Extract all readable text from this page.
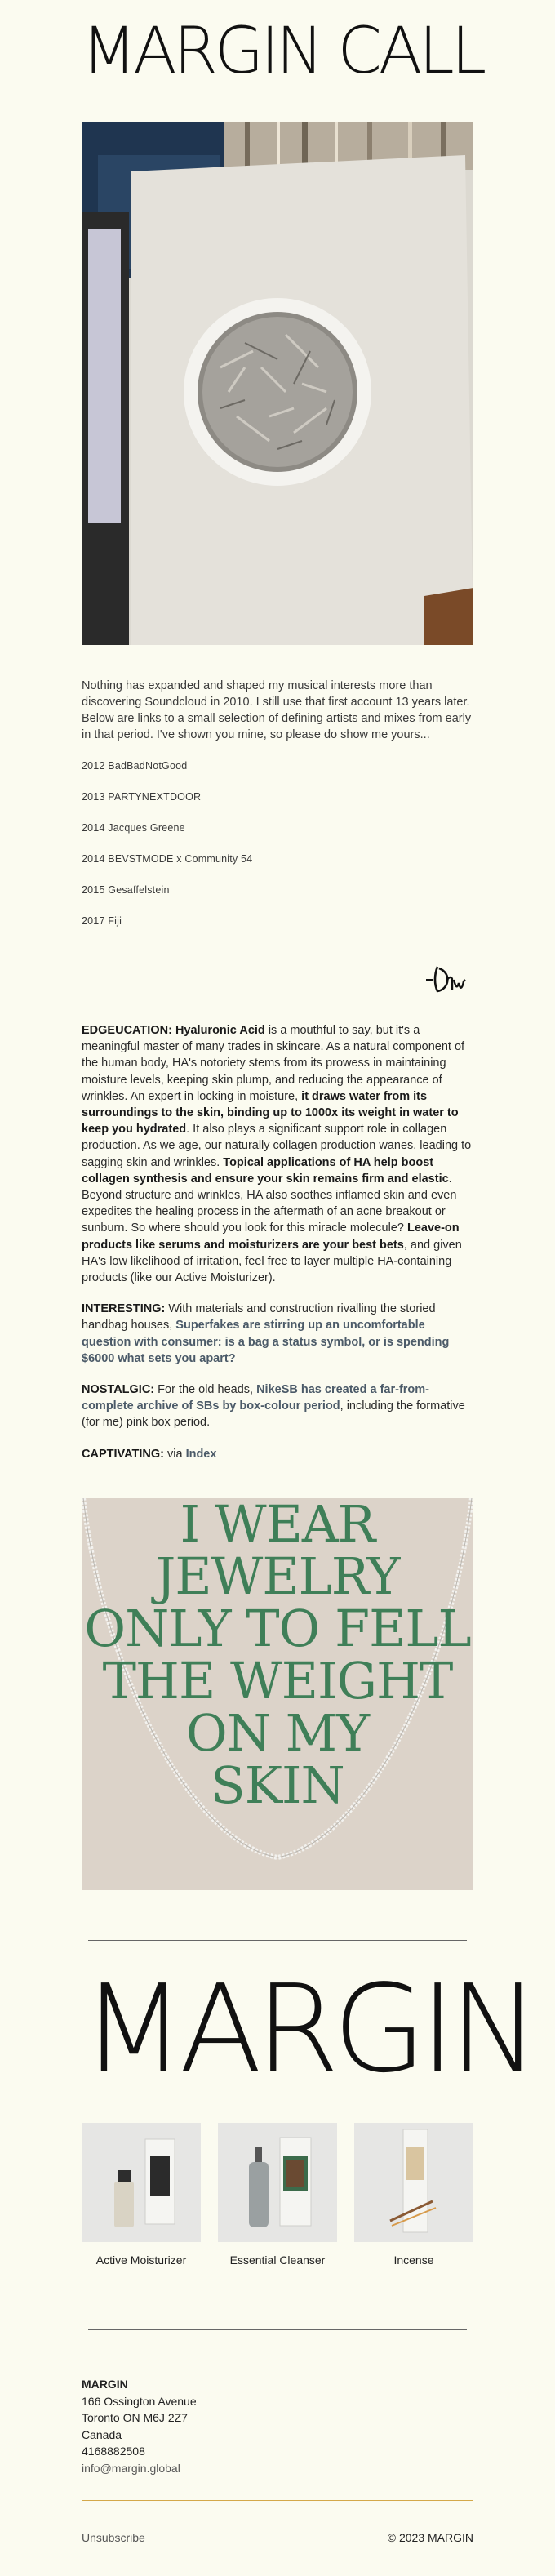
MARGIN CALL
Nothing has expanded and shaped my musical interests more than discovering Soundcloud in 2010. I still use that first account 13 years later. Below are links to a small selection of defining artists and mixes from early in that period. I've shown you mine, so please do show me yours...
2012 BadBadNotGood
2013 PARTYNEXTDOOR
2014 Jacques Greene
2014 BEVSTMODE x Community 54
2015 Gesaffelstein
2017 Fiji

EDGEUCATION: Hyaluronic Acid is a mouthful to say, but it's a meaningful master of many trades in skincare. As a natural component of the human body, HA's notoriety stems from its prowess in maintaining moisture levels, keeping skin plump, and reducing the appearance of wrinkles. An expert in locking in moisture, it draws water from its surroundings to the skin, binding up to 1000x its weight in water to keep you hydrated. It also plays a significant support role in collagen production. As we age, our naturally collagen production wanes, leading to sagging skin and wrinkles. Topical applications of HA help boost collagen synthesis and ensure your skin remains firm and elastic. Beyond structure and wrinkles, HA also soothes inflamed skin and even expedites the healing process in the aftermath of an acne breakout or sunburn. So where should you look for this miracle molecule? Leave-on products like serums and moisturizers are your best bets, and given HA's low likelihood of irritation, feel free to layer multiple HA-containing products (like our Active Moisturizer).

INTERESTING: With materials and construction rivalling the storied handbag houses, Superfakes are stirring up an uncomfortable question with consumer: is a bag a status symbol, or is spending $6000 what sets you apart?

NOSTALGIC: For the old heads, NikeSB has created a far-from-complete archive of SBs by box-colour period, including the formative (for me) pink box period.

CAPTIVATING: via Index

I WEAR
JEWELRY
ONLY TO FELL
THE WEIGHT
ON MY
SKIN
MARGIN
Active Moisturizer	Essential Cleanser	Incense
MARGIN
166 Ossington Avenue
Toronto ON M6J 2Z7
Canada
4168882508
info@margin.global
Unsubscribe	© 2023 MARGIN
